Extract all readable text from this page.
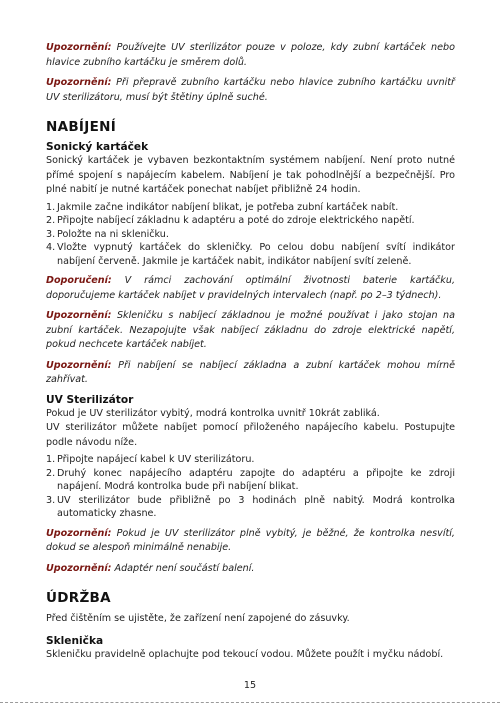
Upozornění: Používejte UV sterilizátor pouze v poloze, kdy zubní kartáček nebo hlavice zubního kartáčku je směrem dolů.

Upozornění: Při přepravě zubního kartáčku nebo hlavice zubního kartáčku uvnitř UV sterilizátoru, musí být štětiny úplně suché.

NABÍJENÍ
Sonický kartáček

Sonický kartáček je vybaven bezkontaktním systémem nabíjení. Není proto nutné přímé spojení s napájecím kabelem. Nabíjení je tak pohodlnější a bezpečnější. Pro plné nabití je nutné kartáček ponechat nabíjet přibližně 24 hodin.

1. Jakmile začne indikátor nabíjení blikat, je potřeba zubní kartáček nabít.
2. Připojte nabíjecí základnu k adaptéru a poté do zdroje elektrického napětí.
3. Položte na ni skleničku.
4. Vložte vypnutý kartáček do skleničky. Po celou dobu nabíjení svítí indikátor nabíjení červeně. Jakmile je kartáček nabit, indikátor nabíjení svítí zeleně.

Doporučení: V rámci zachování optimální životnosti baterie kartáčku, doporučujeme kartáček nabíjet v pravidelných intervalech (např. po 2–3 týdnech).

Upozornění: Skleničku s nabíjecí základnou je možné používat i jako stojan na zubní kartáček. Nezapojujte však nabíjecí základnu do zdroje elektrické napětí, pokud nechcete kartáček nabíjet.

Upozornění: Při nabíjení se nabíjecí základna a zubní kartáček mohou mírně zahřívat.

UV Sterilizátor

Pokud je UV sterilizátor vybitý, modrá kontrolka uvnitř 10krát zabliká.

UV sterilizátor můžete nabíjet pomocí přiloženého napájecího kabelu. Postupujte podle návodu níže.

1. Připojte napájecí kabel k UV sterilizátoru.
2. Druhý konec napájecího adaptéru zapojte do adaptéru a připojte ke zdroji napájení. Modrá kontrolka bude při nabíjení blikat.
3. UV sterilizátor bude přibližně po 3 hodinách plně nabitý. Modrá kontrolka automaticky zhasne.

Upozornění: Pokud je UV sterilizátor plně vybitý, je běžné, že kontrolka nesvítí, dokud se alespoň minimálně nenabije.

Upozornění: Adaptér není součástí balení.

ÚDRŽBA

Před čištěním se ujistěte, že zařízení není zapojené do zásuvky.

Sklenička

Skleničku pravidelně oplachujte pod tekoucí vodou. Můžete použít i myčku nádobí.

15
